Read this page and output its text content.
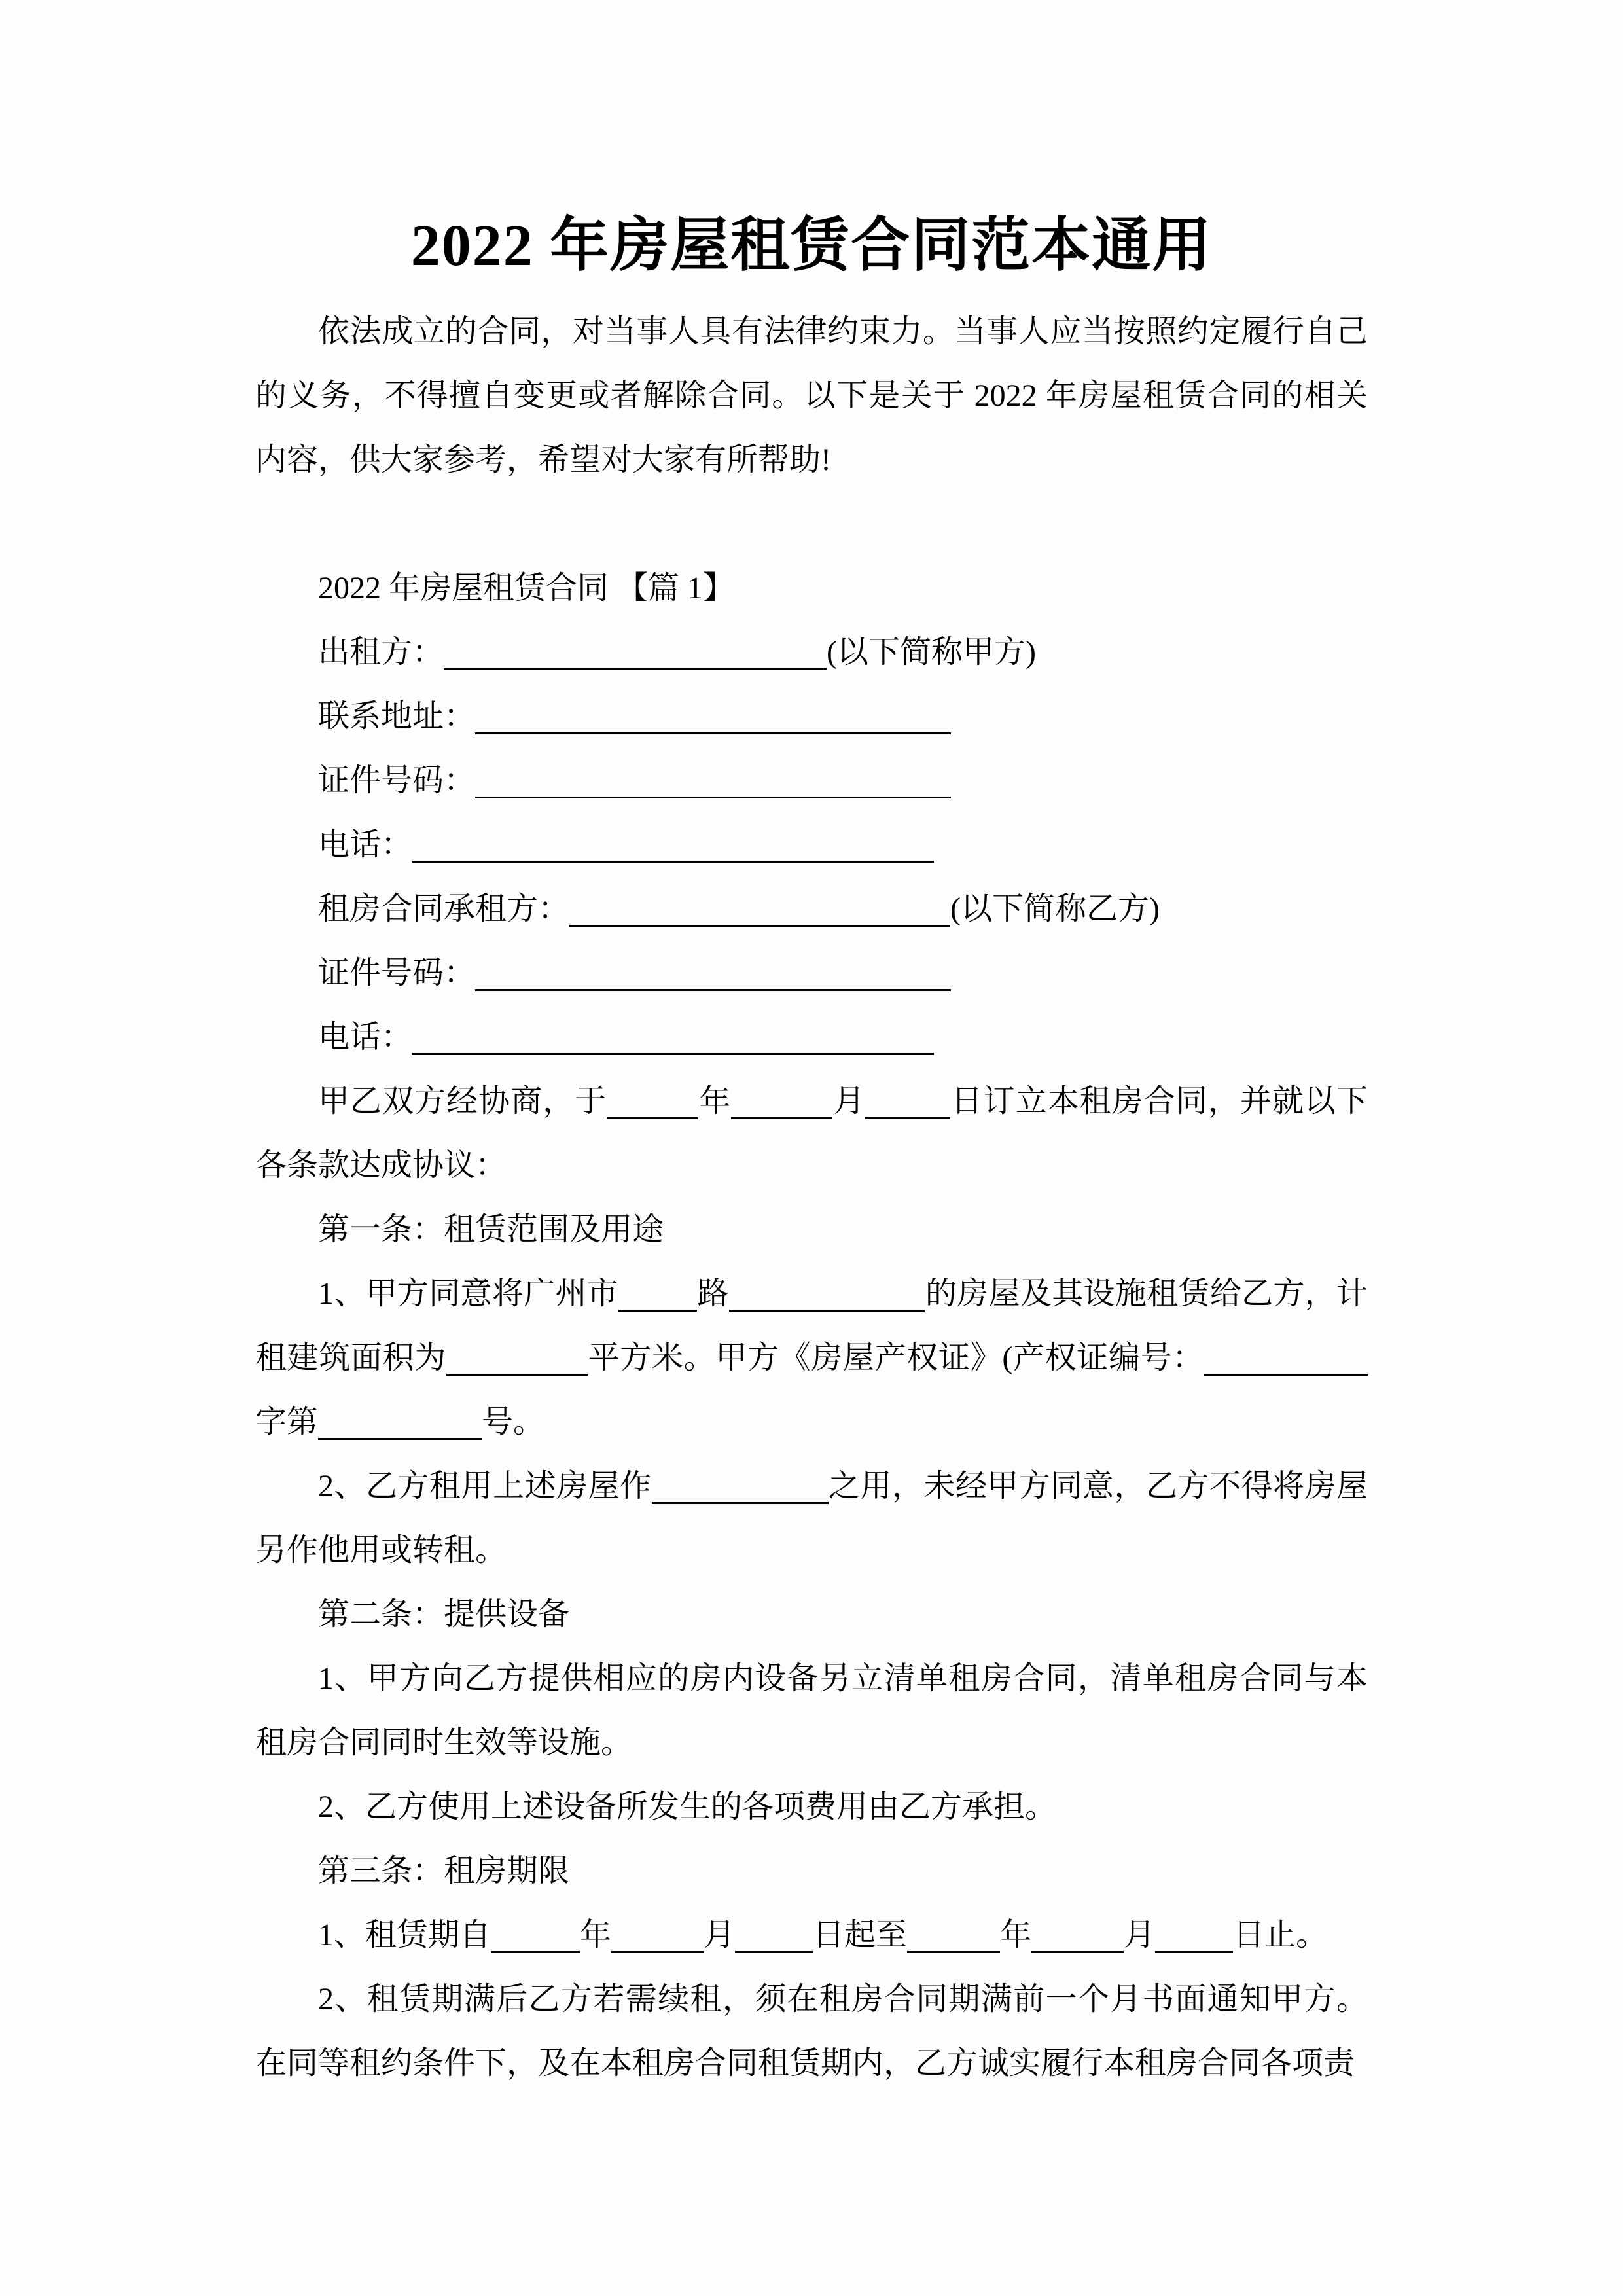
2022 年房屋租赁合同范本通用
依法成立的合同，对当事人具有法律约束力。当事人应当按照约定履行自己的义务，不得擅自变更或者解除合同。以下是关于 2022 年房屋租赁合同的相关内容，供大家参考，希望对大家有所帮助!
2022 年房屋租赁合同 【篇 1】
出租方：	(以下简称甲方)
联系地址：
证件号码：
电话：
租房合同承租方：	(以下简称乙方)
证件号码：
电话：
甲乙双方经协商，于	年	月	日订立本租房合同，并就以下各条款达成协议：
第一条：租赁范围及用途
1、甲方同意将广州市	路	的房屋及其设施租赁给乙方，计租建筑面积为	平方米。甲方《房屋产权证》(产权证编号：字第	号。
2、乙方租用上述房屋作	之用，未经甲方同意，乙方不得将房屋另作他用或转租。
第二条：提供设备
1、甲方向乙方提供相应的房内设备另立清单租房合同，清单租房合同与本租房合同同时生效等设施。
2、乙方使用上述设备所发生的各项费用由乙方承担。
第三条：租房期限
1、租赁期自	年	月 日起至	年	月 日止。
2、租赁期满后乙方若需续租，须在租房合同期满前一个月书面通知甲方。在同等租约条件下，及在本租房合同租赁期内，乙方诚实履行本租房合同各项责
